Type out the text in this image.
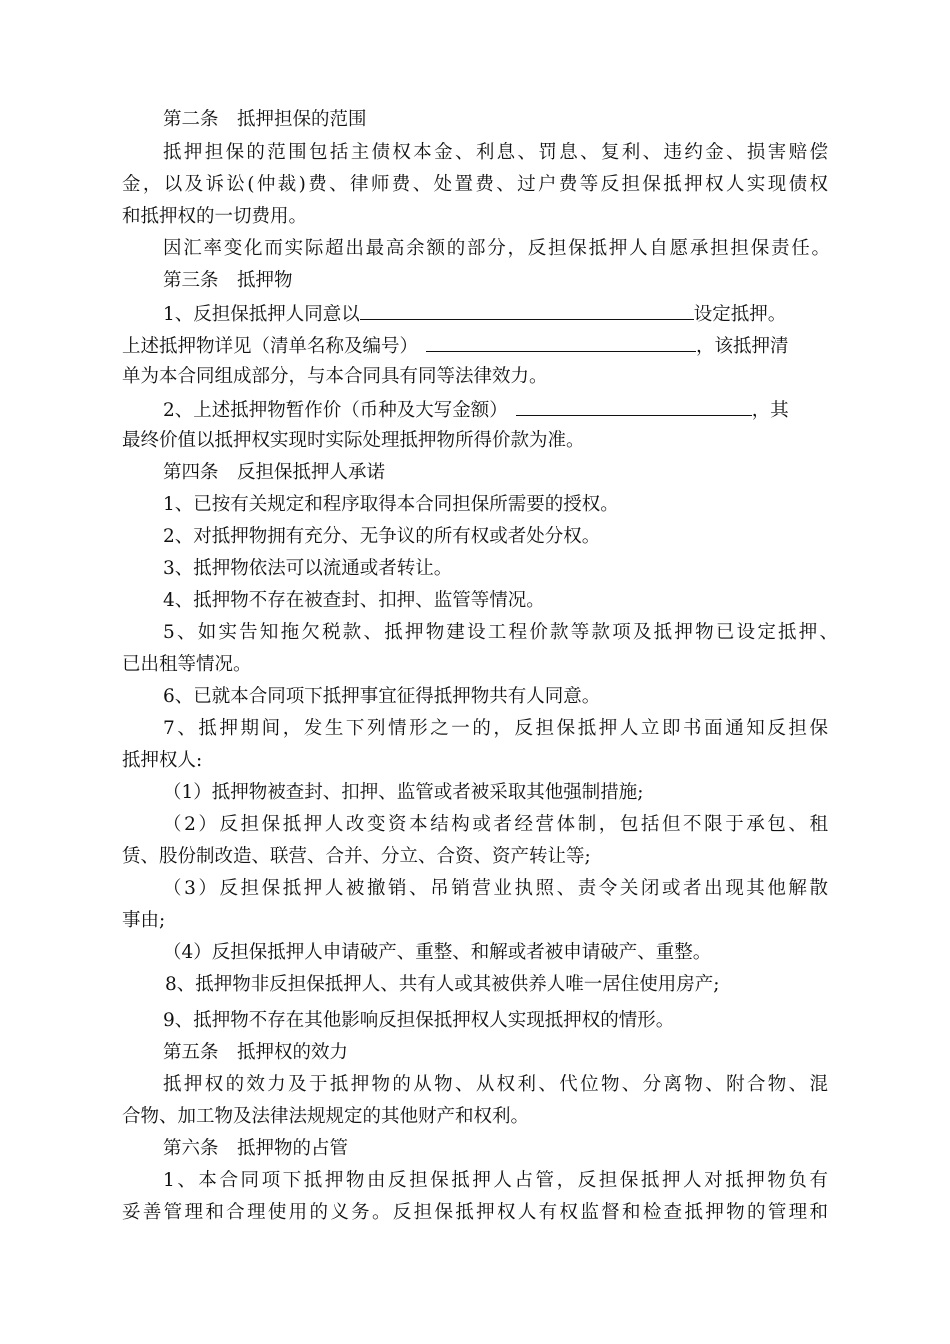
第二条　抵押担保的范围
抵押担保的范围包括主债权本金、利息、罚息、复利、违约金、损害赔偿
金，以及诉讼(仲裁)费、律师费、处置费、过户费等反担保抵押权人实现债权
和抵押权的一切费用。
因汇率变化而实际超出最高余额的部分，反担保抵押人自愿承担担保责任。
第三条　抵押物
1、反担保抵押人同意以	设定抵押。
上述抵押物详见（清单名称及编号）	，该抵押清
单为本合同组成部分，与本合同具有同等法律效力。
2、上述抵押物暂作价（币种及大写金额）	，其
最终价值以抵押权实现时实际处理抵押物所得价款为准。
第四条　反担保抵押人承诺
1、已按有关规定和程序取得本合同担保所需要的授权。
2、对抵押物拥有充分、无争议的所有权或者处分权。
3、抵押物依法可以流通或者转让。
4、抵押物不存在被查封、扣押、监管等情况。
5、如实告知拖欠税款、抵押物建设工程价款等款项及抵押物已设定抵押、
已出租等情况。
6、已就本合同项下抵押事宜征得抵押物共有人同意。
7、抵押期间，发生下列情形之一的，反担保抵押人立即书面通知反担保
抵押权人:
（1）抵押物被查封、扣押、监管或者被采取其他强制措施;
（2）反担保抵押人改变资本结构或者经营体制，包括但不限于承包、租
赁、股份制改造、联营、合并、分立、合资、资产转让等;
（3）反担保抵押人被撤销、吊销营业执照、责令关闭或者出现其他解散
事由;
（4）反担保抵押人申请破产、重整、和解或者被申请破产、重整。
8、抵押物非反担保抵押人、共有人或其被供养人唯一居住使用房产;
9、抵押物不存在其他影响反担保抵押权人实现抵押权的情形。
第五条　抵押权的效力
抵押权的效力及于抵押物的从物、从权利、代位物、分离物、附合物、混
合物、加工物及法律法规规定的其他财产和权利。
第六条　抵押物的占管
1、本合同项下抵押物由反担保抵押人占管，反担保抵押人对抵押物负有
妥善管理和合理使用的义务。反担保抵押权人有权监督和检查抵押物的管理和
